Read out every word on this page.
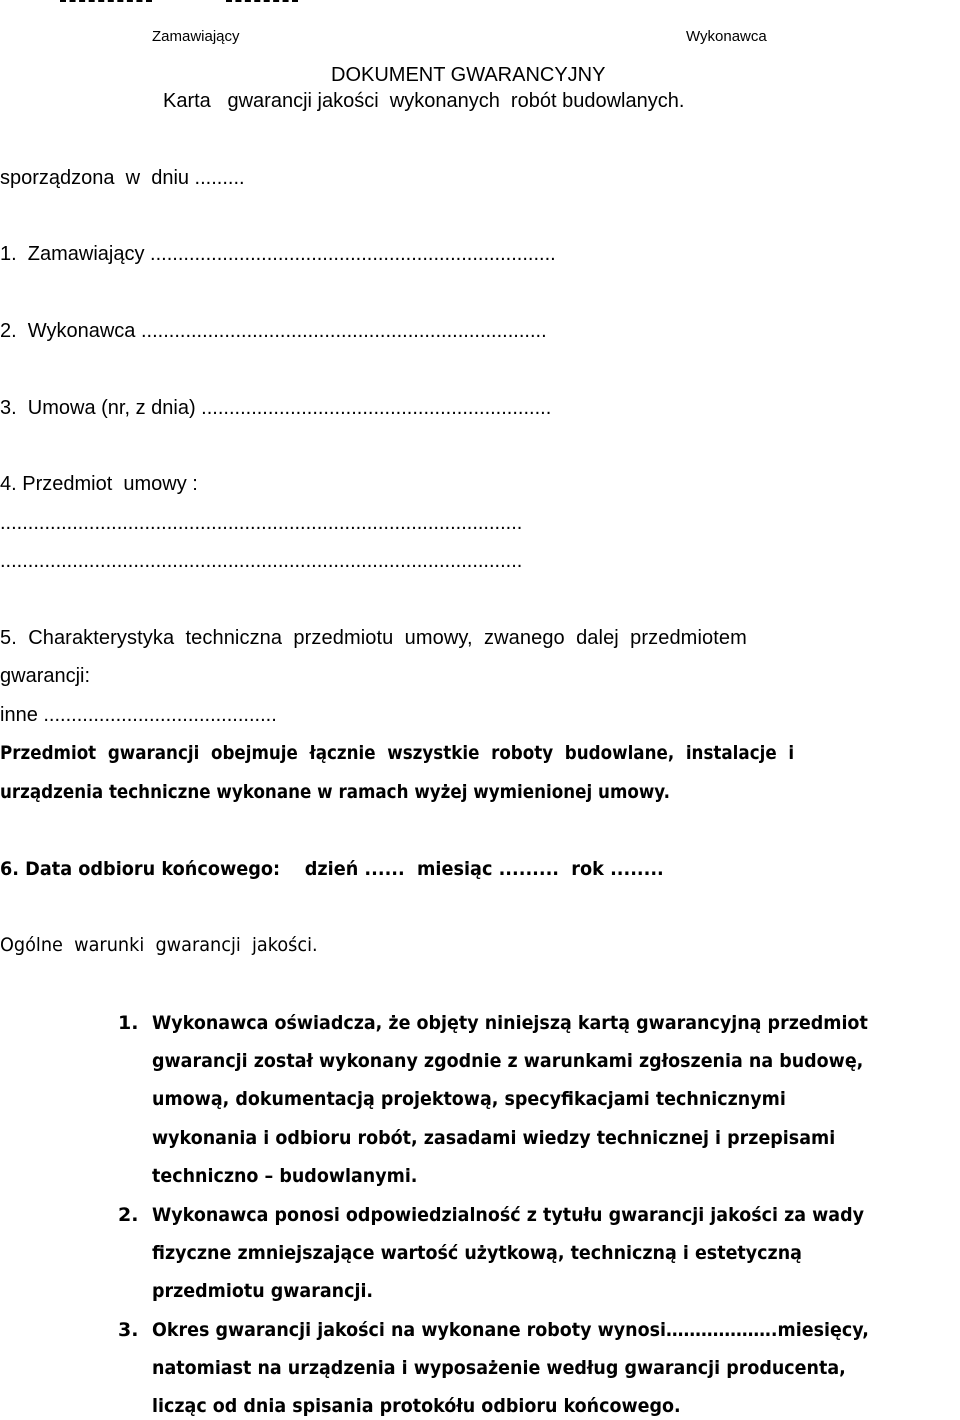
Zamawiający	Wykonawca
DOKUMENT GWARANCYJNY
Karta   gwarancji jakości  wykonanych  robót budowlanych.
sporządzona  w  dniu .........
1.  Zamawiający .........................................................................
2.  Wykonawca .........................................................................
3.  Umowa (nr, z dnia) ...............................................................
4. Przedmiot  umowy :
..............................................................................................
..............................................................................................
5.  Charakterystyka  techniczna  przedmiotu  umowy,  zwanego  dalej  przedmiotem
gwarancji:
inne ..........................................
Przedmiot  gwarancji  obejmuje  łącznie  wszystkie  roboty  budowlane,  instalacje  i
urządzenia techniczne wykonane w ramach wyżej wymienionej umowy.
6. Data odbioru końcowego:    dzień ......  miesiąc .........  rok ........
Ogólne  warunki  gwarancji  jakości.
1. Wykonawca oświadcza, że objęty niniejszą kartą gwarancyjną przedmiot
gwarancji został wykonany zgodnie z warunkami zgłoszenia na budowę,
umową, dokumentacją projektową, specyfikacjami technicznymi
wykonania i odbioru robót, zasadami wiedzy technicznej i przepisami
techniczno – budowlanymi.
2. Wykonawca ponosi odpowiedzialność z tytułu gwarancji jakości za wady
fizyczne zmniejszające wartość użytkową, techniczną i estetyczną
przedmiotu gwarancji.
3. Okres gwarancji jakości na wykonane roboty wynosi……………….miesięcy,
natomiast na urządzenia i wyposażenie według gwarancji producenta,
licząc od dnia spisania protokółu odbioru końcowego.
